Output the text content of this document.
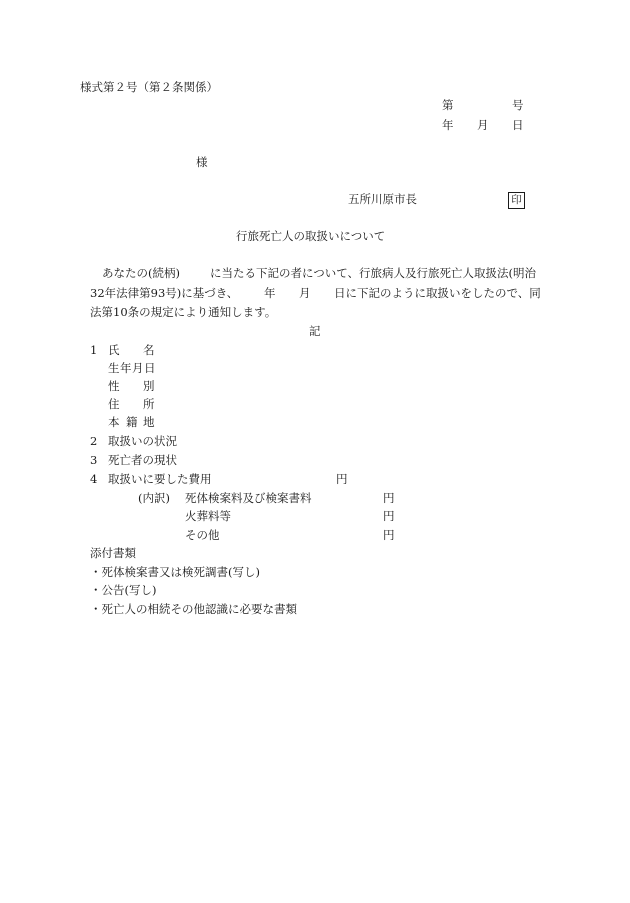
様式第２号（第２条関係）
第	号
年 月 日
様
五所川原市長	印
行旅死亡人の取扱いについて
あなたの(続柄)	に当たる下記の者について、行旅病人及行旅死亡人取扱法(明治
32年法律第93号)に基づき、 年 月 日に下記のように取扱いをしたので、同
法第10条の規定により通知します。
記
1 氏 名
生年月日
性 別
住 所
本 籍 地
2 取扱いの状況
3 死亡者の現状
4 取扱いに要した費用	円
(内訳) 死体検案料及び検案書料	円
火葬料等	円
その他	円
添付書類
・死体検案書又は検死調書(写し)
・公告(写し)
・死亡人の相続その他認識に必要な書類
